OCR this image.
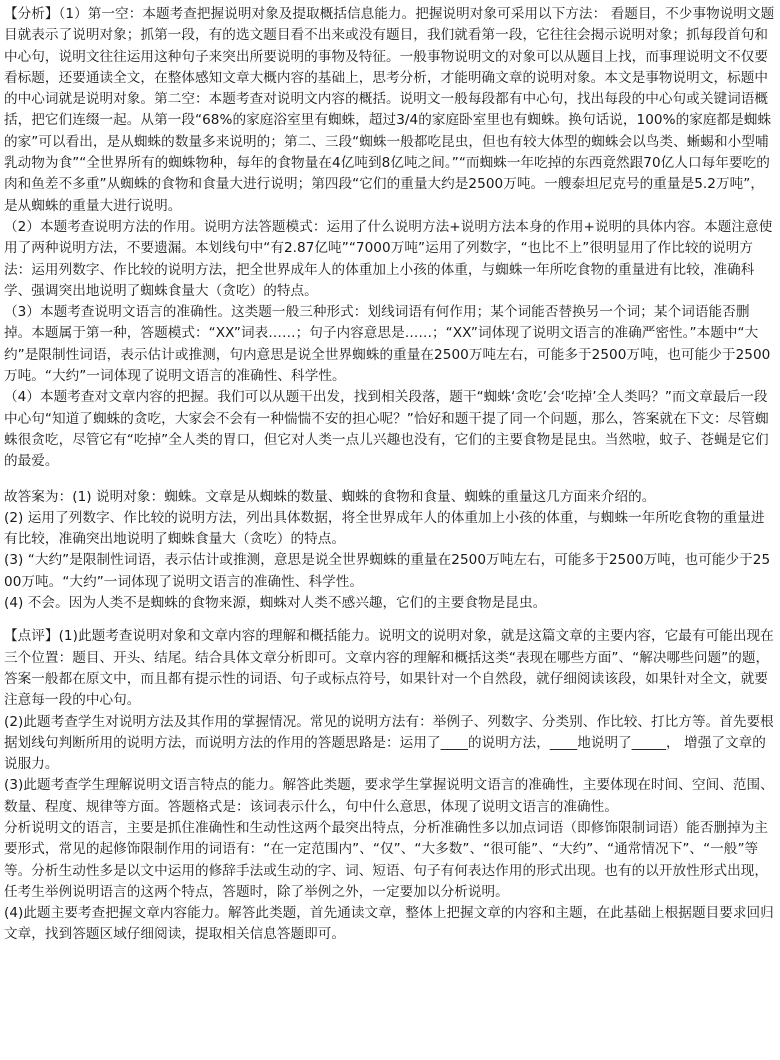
【分析】（1）第一空：本题考查把握说明对象及提取概括信息能力。把握说明对象可采用以下方法： 看题目，不少事物说明文题目就表示了说明对象；抓第一段，有的选文题目看不出来或没有题目，我们就看第一段，它往往会揭示说明对象；抓每段首句和中心句，说明文往往运用这种句子来突出所要说明的事物及特征。一般事物说明文的对象可以从题目上找，而事理说明文不仅要看标题，还要通读全文，在整体感知文章大概内容的基础上，思考分析，才能明确文章的说明对象。本文是事物说明文，标题中的中心词就是说明对象。第二空：本题考查对说明文内容的概括。说明文一般每段都有中心句，找出每段的中心句或关键词语概括，把它们连缀一起。从第一段“68%的家庭浴室里有蜘蛛，超过3/4的家庭卧室里也有蜘蛛。换句话说，100%的家庭都是蜘蛛的家”可以看出，是从蜘蛛的数量多来说明的；第二、三段“蜘蛛一般都吃昆虫，但也有较大体型的蜘蛛会以鸟类、蜥蜴和小型哺乳动物为食”“全世界所有的蜘蛛物种，每年的食物量在4亿吨到8亿吨之间。”“而蜘蛛一年吃掉的东西竟然跟70亿人口每年要吃的肉和鱼差不多重”从蜘蛛的食物和食量大进行说明；第四段“它们的重量大约是2500万吨。一艘泰坦尼克号的重量是5.2万吨”，是从蜘蛛的重量大进行说明。

（2）本题考查说明方法的作用。说明方法答题模式：运用了什么说明方法+说明方法本身的作用+说明的具体内容。本题注意使用了两种说明方法，不要遗漏。本划线句中“有2.87亿吨”“7000万吨”运用了列数字，“也比不上”很明显用了作比较的说明方法：运用列数字、作比较的说明方法，把全世界成年人的体重加上小孩的体重，与蜘蛛一年所吃食物的重量进有比较，准确科学、强调突出地说明了蜘蛛食量大（贪吃）的特点。

（3）本题考查说明文语言的准确性。这类题一般三种形式：划线词语有何作用；某个词能否替换另一个词；某个词语能否删掉。本题属于第一种，答题模式：“XX”词表……；句子内容意思是……；“XX”词体现了说明文语言的准确严密性。”本题中“大约”是限制性词语，表示估计或推测，句内意思是说全世界蜘蛛的重量在2500万吨左右，可能多于2500万吨，也可能少于2500万吨。“大约”一词体现了说明文语言的准确性、科学性。

（4）本题考查对文章内容的把握。我们可以从题干出发，找到相关段落，题干“蜘蛛‘贪吃’会‘吃掉’全人类吗？”而文章最后一段中心句“知道了蜘蛛的贪吃，大家会不会有一种惴惴不安的担心呢？”恰好和题干提了同一个问题，那么，答案就在下文：尽管蜘蛛很贪吃，尽管它有“吃掉”全人类的胃口，但它对人类一点儿兴趣也没有，它们的主要食物是昆虫。当然啦，蚊子、苍蝇是它们的最爱。

故答案为：(1) 说明对象：蜘蛛。文章是从蜘蛛的数量、蜘蛛的食物和食量、蜘蛛的重量这几方面来介绍的。

(2) 运用了列数字、作比较的说明方法，列出具体数据，将全世界成年人的体重加上小孩的体重，与蜘蛛一年所吃食物的重量进有比较，准确突出地说明了蜘蛛食量大（贪吃）的特点。

(3) “大约”是限制性词语，表示估计或推测，意思是说全世界蜘蛛的重量在2500万吨左右，可能多于2500万吨，也可能少于2500万吨。“大约”一词体现了说明文语言的准确性、科学性。

(4) 不会。因为人类不是蜘蛛的食物来源，蜘蛛对人类不感兴趣，它们的主要食物是昆虫。

【点评】(1)此题考查说明对象和文章内容的理解和概括能力。说明文的说明对象，就是这篇文章的主要内容，它最有可能出现在三个位置：题目、开头、结尾。结合具体文章分析即可。文章内容的理解和概括这类“表现在哪些方面”、“解决哪些问题”的题，答案一般都在原文中，而且都有提示性的词语、句子或标点符号，如果针对一个自然段，就仔细阅读该段，如果针对全文，就要注意每一段的中心句。

(2)此题考查学生对说明方法及其作用的掌握情况。常见的说明方法有：举例子、列数字、分类别、作比较、打比方等。首先要根据划线句判断所用的说明方法，而说明方法的作用的答题思路是：运用了____的说明方法，____地说明了_____， 增强了文章的说服力。

(3)此题考查学生理解说明文语言特点的能力。解答此类题，要求学生掌握说明文语言的准确性，主要体现在时间、空间、范围、数量、程度、规律等方面。答题格式是：该词表示什么，句中什么意思，体现了说明文语言的准确性。

分析说明文的语言，主要是抓住准确性和生动性这两个最突出特点，分析准确性多以加点词语（即修饰限制词语）能否删掉为主要形式，常见的起修饰限制作用的词语有：“在一定范围内”、“仅”、“大多数”、“很可能”、“大约”、“通常情况下”、“一般”等等。分析生动性多是以文中运用的修辞手法或生动的字、词、短语、句子有何表达作用的形式出现。也有的以开放性形式出现，任考生举例说明语言的这两个特点，答题时，除了举例之外，一定要加以分析说明。

(4)此题主要考查把握文章内容能力。解答此类题，首先通读文章，整体上把握文章的内容和主题，在此基础上根据题目要求回归文章，找到答题区域仔细阅读，提取相关信息答题即可。
